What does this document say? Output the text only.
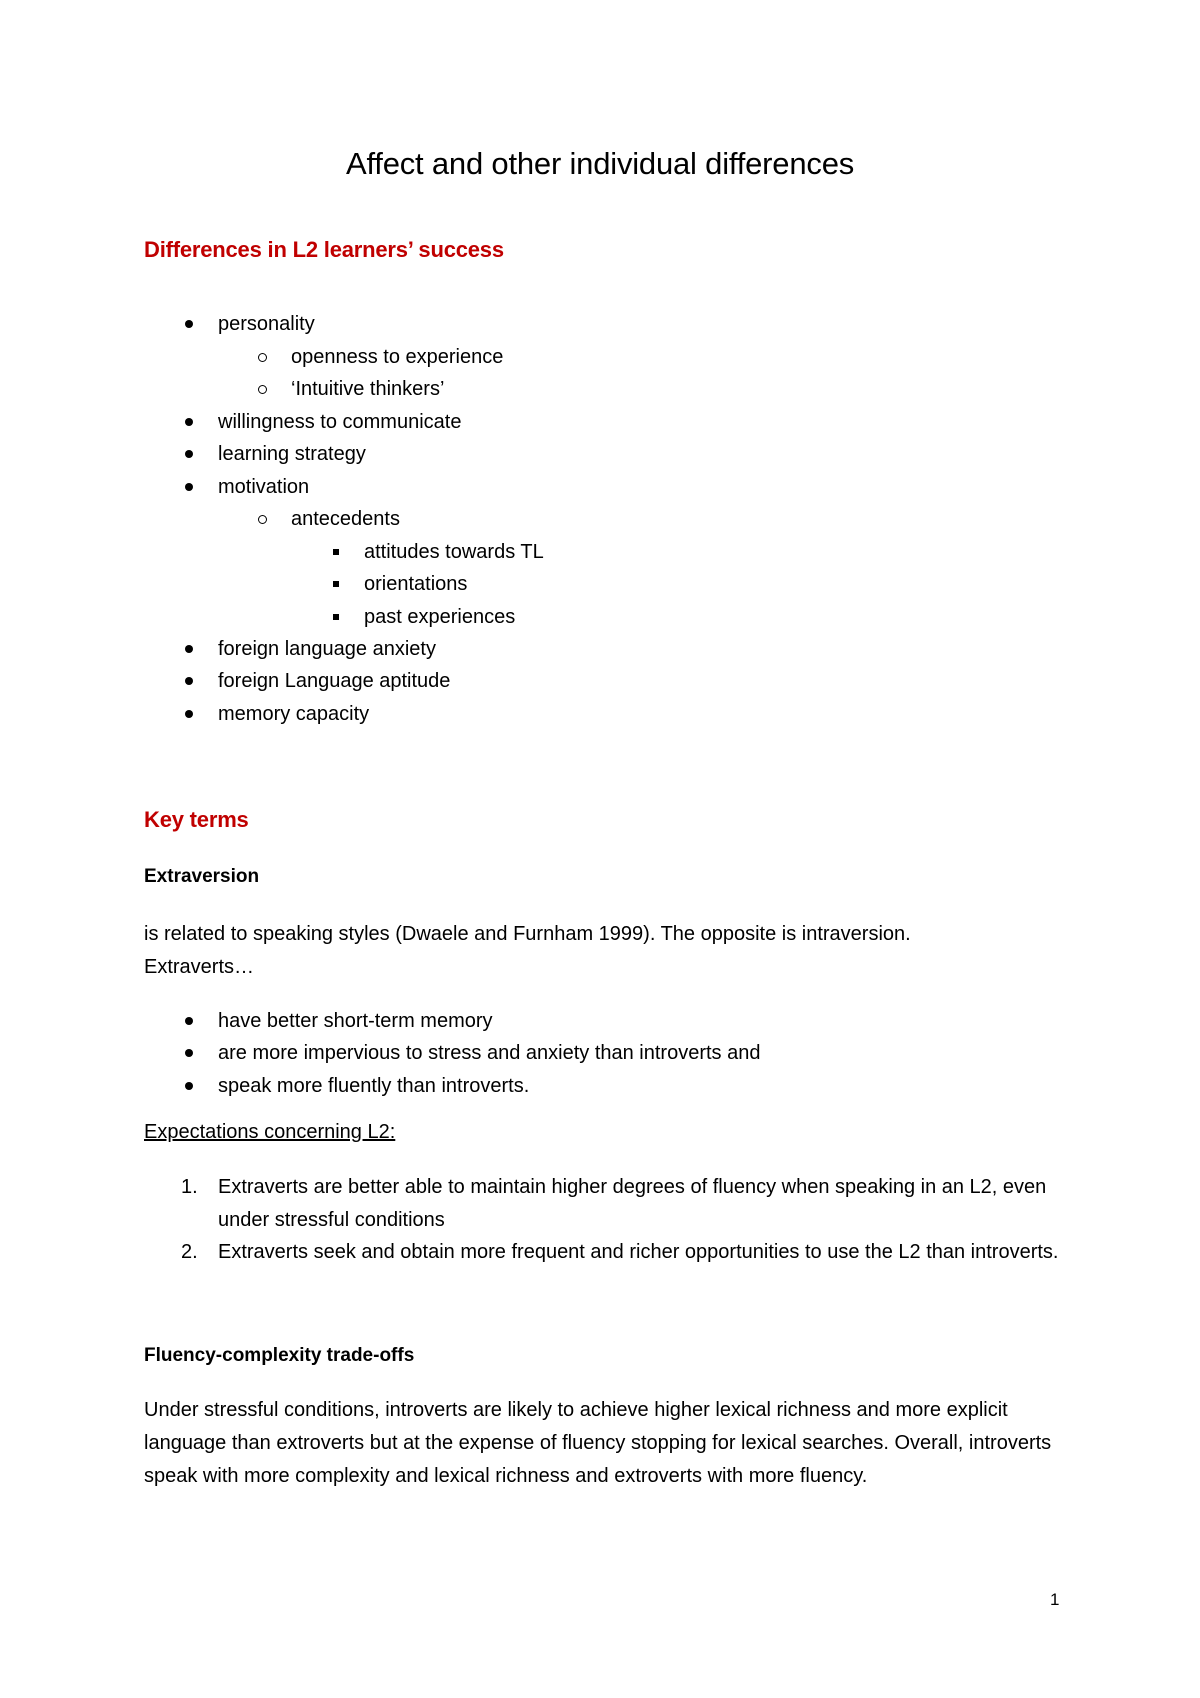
Affect and other individual differences
Differences in L2 learners’ success
personality
openness to experience
‘Intuitive thinkers’
willingness to communicate
learning strategy
motivation
antecedents
attitudes towards TL
orientations
past experiences
foreign language anxiety
foreign Language aptitude
memory capacity
Key terms
Extraversion

is related to speaking styles (Dwaele and Furnham 1999). The opposite is intraversion.
Extraverts…

have better short-term memory
are more impervious to stress and anxiety than introverts and
speak more fluently than introverts.

Expectations concerning L2:

1. Extraverts are better able to maintain higher degrees of fluency when speaking in an L2, even under stressful conditions
2. Extraverts seek and obtain more frequent and richer opportunities to use the L2 than introverts.
Fluency-complexity trade-offs

Under stressful conditions, introverts are likely to achieve higher lexical richness and more explicit language than extroverts but at the expense of fluency stopping for lexical searches. Overall, introverts speak with more complexity and lexical richness and extroverts with more fluency.

1
